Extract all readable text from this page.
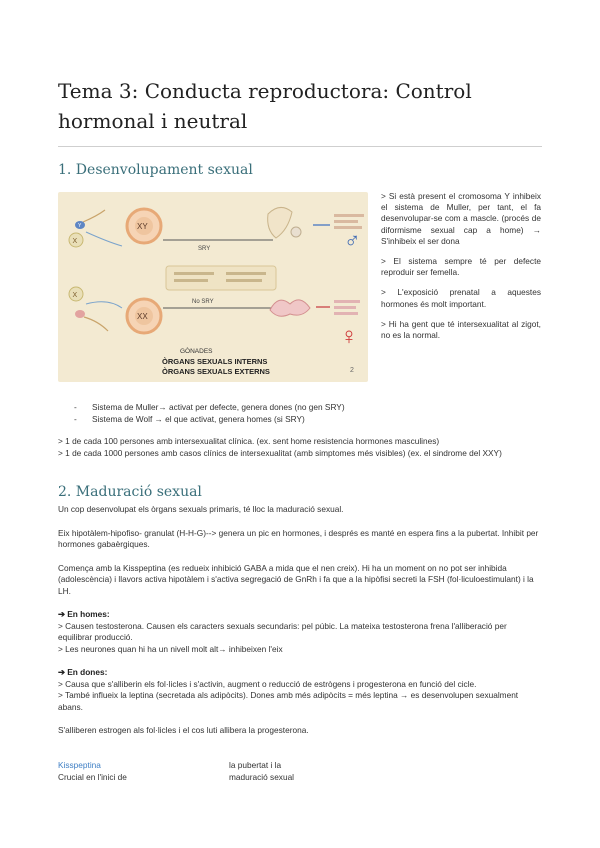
Tema 3: Conducta reproductora: Control hormonal i neutral
1. Desenvolupament sexual
X
Y	XY
SRY	♂
X
XX
No SRY
♀
GÒNADES
ÒRGANS SEXUALS INTERNS
ÒRGANS SEXUALS EXTERNS	2

> Si està present el cromosoma Y inhibeix el sistema de Muller, per tant, el fa desenvolupar-se com a mascle. (procés de diformisme sexual cap a home) → S'inhibeix el ser dona

> El sistema sempre té per defecte reproduir ser femella.

> L'exposició prenatal a aquestes hormones és molt important.

> Hi ha gent que té intersexualitat al zigot, no es la normal.

- Sistema de Muller→ activat per defecte, genera dones (no gen SRY)
- Sistema de Wolf → el que activat, genera homes (si SRY)

> 1 de cada 100 persones amb intersexualitat clínica. (ex. sent home resistencia hormones masculines)

> 1 de cada 1000 persones amb casos clínics de intersexualitat (amb simptomes més visibles) (ex. el sindrome del XXY)

2. Maduració sexual

Un cop desenvolupat els òrgans sexuals primaris, té lloc la maduració sexual.

Eix hipotàlem-hipofiso- granulat (H-H-G)--> genera un pic en hormones, i després es manté en espera fins a la pubertat. Inhibit per hormones gabaèrgiques.

Comença amb la Kisspeptina (es redueix inhibició GABA a mida que el nen creix). Hi ha un moment on no pot ser inhibida (adolescència) i llavors activa hipotàlem i s'activa segregació de GnRh i fa que a la hipòfisi secreti la FSH (fol·liculoestimulant) i la LH.

➔ En homes:

> Causen testosterona. Causen els caracters sexuals secundaris: pel púbic. La mateixa testosterona frena l'alliberació per equilibrar producció.

> Les neurones quan hi ha un nivell molt alt→ inhibeixen l'eix

➔ En dones:

> Causa que s'alliberin els fol·licles i s'activin, augment o reducció de estrògens i progesterona en funció del cicle.

> També influeix la leptina (secretada als adipòcits). Dones amb més adipòcits = més leptina → es desenvolupen sexualment abans.

S'alliberen estrogen als fol·licles i el cos luti allibera la progesterona.

Kisspeptina
Crucial en l'inici de
la pubertat i la
maduració sexual
